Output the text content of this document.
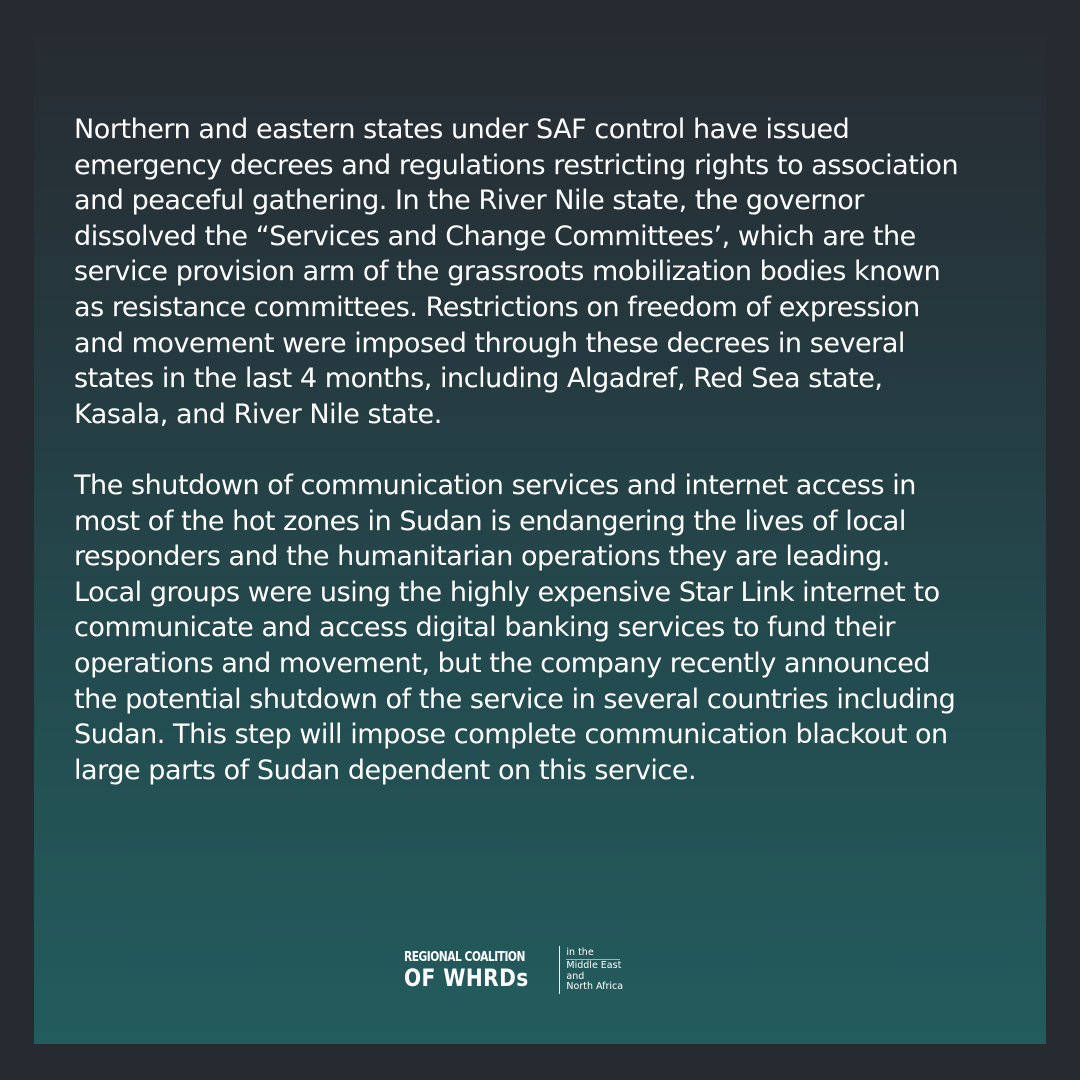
Northern and eastern states under SAF control have issued
emergency decrees and regulations restricting rights to association
and peaceful gathering. In the River Nile state, the governor
dissolved the “Services and Change Committees’, which are the
service provision arm of the grassroots mobilization bodies known
as resistance committees. Restrictions on freedom of expression
and movement were imposed through these decrees in several
states in the last 4 months, including Algadref, Red Sea state,
Kasala, and River Nile state.

The shutdown of communication services and internet access in
most of the hot zones in Sudan is endangering the lives of local
responders and the humanitarian operations they are leading.
Local groups were using the highly expensive Star Link internet to
communicate and access digital banking services to fund their
operations and movement, but the company recently announced
the potential shutdown of the service in several countries including
Sudan. This step will impose complete communication blackout on
large parts of Sudan dependent on this service.

REGIONAL COALITION
OF WHRDs
in the
Middle East
and
North Africa
